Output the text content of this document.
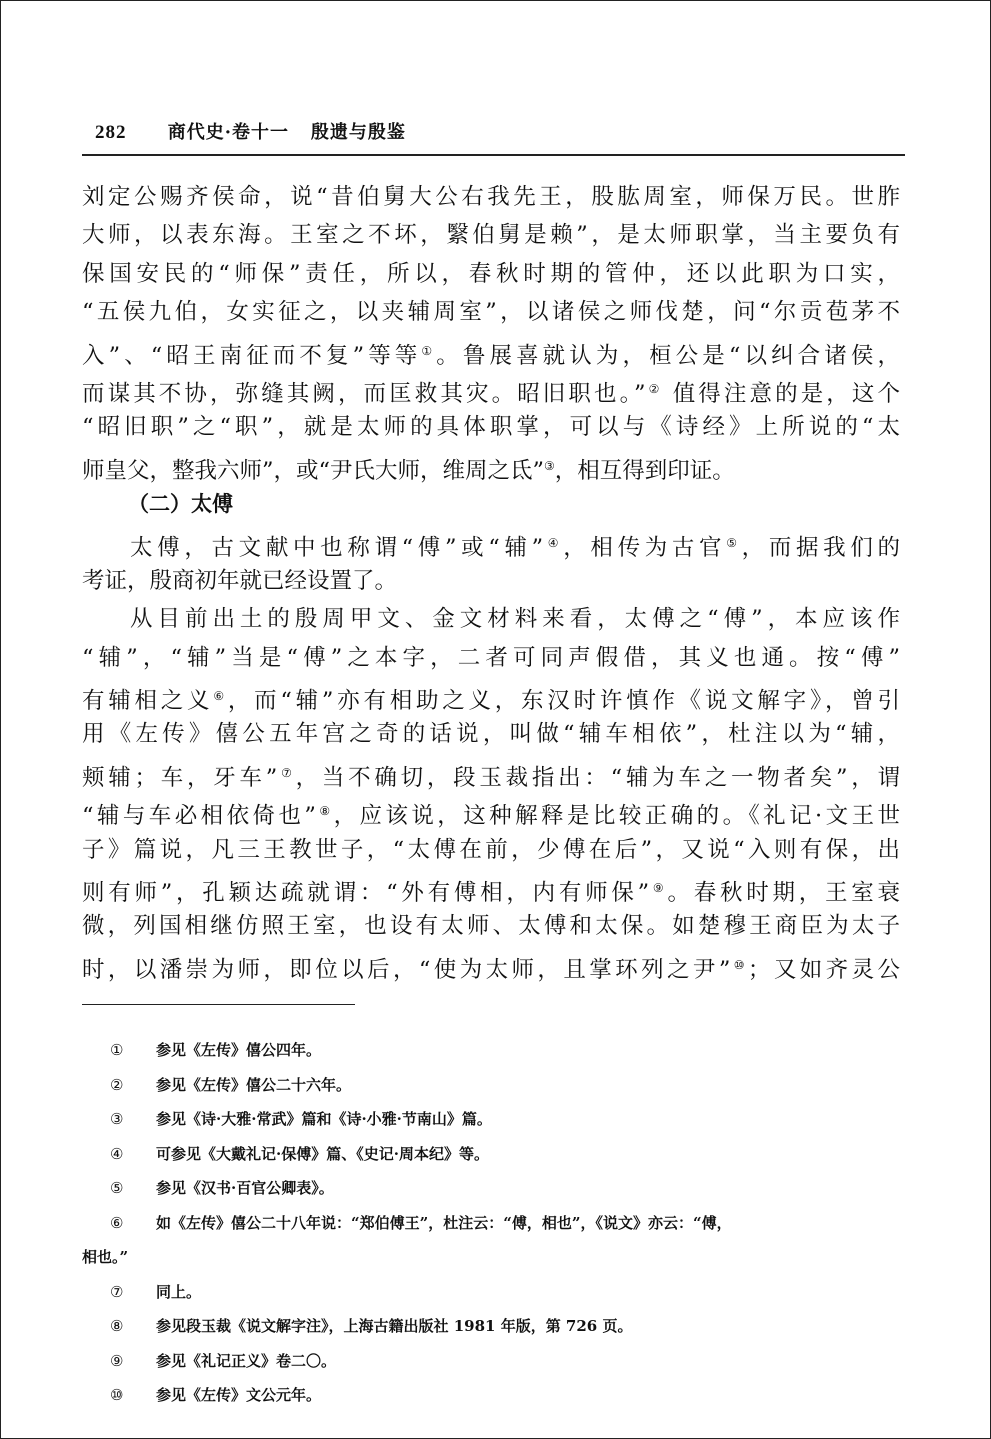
282 商代史·卷十一   殷遗与殷鉴
刘定公赐齐侯命，说“昔伯舅大公右我先王，股肱周室，师保万民。世胙
大师，以表东海。王室之不坏，繄伯舅是赖”，是太师职掌，当主要负有
保国安民的“师保”责任，所以，春秋时期的管仲，还以此职为口实，
“五侯九伯，女实征之，以夹辅周室”，以诸侯之师伐楚，问“尔贡苞茅不
入”、“昭王南征而不复”等等①。鲁展喜就认为，桓公是“以纠合诸侯，
而谋其不协，弥缝其阙，而匡救其灾。昭旧职也。”② 值得注意的是，这个
“昭旧职”之“职”，就是太师的具体职掌，可以与《诗经》上所说的“太
师皇父，整我六师”，或“尹氏大师，维周之氐”③，相互得到印证。
（二）太傅
太傅，古文献中也称谓“傅”或“辅”④，相传为古官⑤，而据我们的
考证，殷商初年就已经设置了。
从目前出土的殷周甲文、金文材料来看，太傅之“傅”，本应该作
“辅”，“辅”当是“傅”之本字，二者可同声假借，其义也通。按“傅”
有辅相之义⑥，而“辅”亦有相助之义，东汉时许慎作《说文解字》，曾引
用《左传》僖公五年宫之奇的话说，叫做“辅车相依”，杜注以为“辅，
颊辅；车，牙车”⑦，当不确切，段玉裁指出：“辅为车之一物者矣”，谓
“辅与车必相依倚也”⑧，应该说，这种解释是比较正确的。《礼记·文王世
子》篇说，凡三王教世子，“太傅在前，少傅在后”，又说“入则有保，出
则有师”，孔颖达疏就谓：“外有傅相，内有师保”⑨。春秋时期，王室衰
微，列国相继仿照王室，也设有太师、太傅和太保。如楚穆王商臣为太子
时，以潘崇为师，即位以后，“使为太师，且掌环列之尹”⑩；又如齐灵公
① 参见《左传》僖公四年。
② 参见《左传》僖公二十六年。
③ 参见《诗·大雅·常武》篇和《诗·小雅·节南山》篇。
④ 可参见《大戴礼记·保傅》篇、《史记·周本纪》等。
⑤ 参见《汉书·百官公卿表》。
⑥ 如《左传》僖公二十八年说：“郑伯傅王”，杜注云：“傅，相也”，《说文》亦云：“傅，
相也。”
⑦ 同上。
⑧ 参见段玉裁《说文解字注》，上海古籍出版社 1981 年版，第 726 页。
⑨ 参见《礼记正义》卷二〇。
⑩ 参见《左传》文公元年。
